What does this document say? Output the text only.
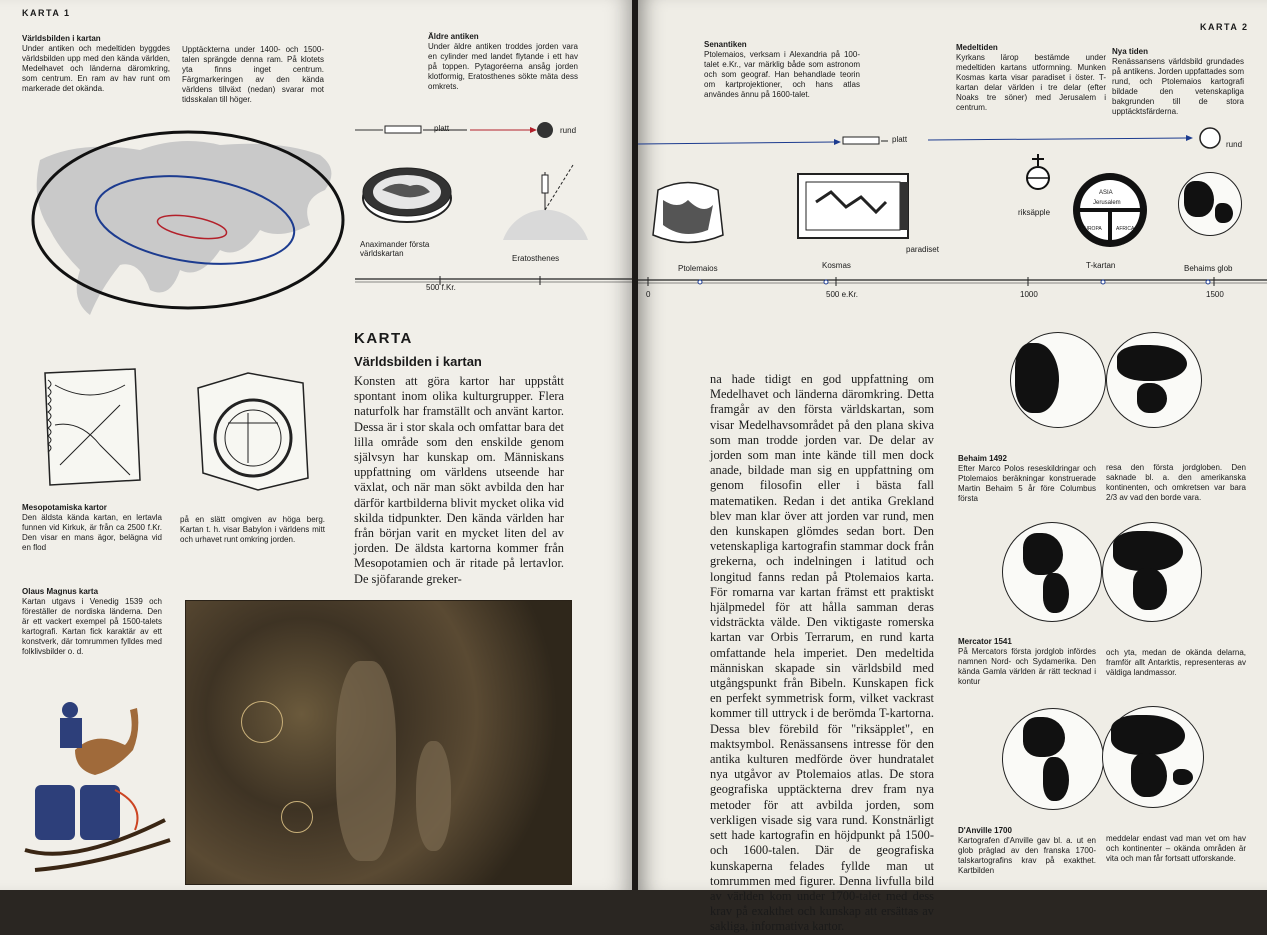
KARTA 1

Världsbilden i kartan

Under antiken och medeltiden byggdes världsbilden upp med den kända världen, Medelhavet och länderna däromkring, som centrum. En ram av hav runt om markerade det okända.

Upptäckterna under 1400- och 1500-talen sprängde denna ram. På klotets yta finns inget centrum. Färgmarkeringen av den kända världens tillväxt (nedan) svarar mot tidsskalan till höger.

Äldre antiken

Under äldre antiken troddes jorden vara en cylinder med landet flytande i ett hav på toppen. Pytagoréerna ansåg jorden klotformig, Eratosthenes sökte mäta dess omkrets.

platt	rund
Anaximander första världskartan
Eratosthenes
500 f.Kr.
KARTA
Världsbilden i kartan

Konsten att göra kartor har uppstått spontant inom olika kulturgrupper. Flera naturfolk har framställt och använt kartor. Dessa är i stor skala och omfattar bara det lilla område som den enskilde genom självsyn har kunskap om. Människans uppfattning om världens utseende har växlat, och när man sökt avbilda den har därför kartbilderna blivit mycket olika vid skilda tidpunkter. Den kända världen har från början varit en mycket liten del av jorden. De äldsta kartorna kommer från Mesopotamien och är ritade på lertavlor. De sjöfarande greker-

Mesopotamiska kartor

Den äldsta kända kartan, en lertavla funnen vid Kirkuk, är från ca 2500 f.Kr. Den visar en mans ägor, belägna vid en flod

på en slätt omgiven av höga berg. Kartan t. h. visar Babylon i världens mitt och urhavet runt omkring jorden.

Olaus Magnus karta

Kartan utgavs i Venedig 1539 och föreställer de nordiska länderna. Den är ett vackert exempel på 1500-talets kartografi. Kartan fick karaktär av ett konstverk, där tomrummen fylldes med folklivsbilder o. d.

KARTA 2

Senantiken

Ptolemaios, verksam i Alexandria på 100-talet e.Kr., var märklig både som astronom och som geograf. Han behandlade teorin om kartprojektioner, och hans atlas användes ännu på 1600-talet.

Medeltiden

Kyrkans lärор bestämde under medeltiden kartans utformning. Munken Kosmas karta visar paradiset i öster. T-kartan delar världen i tre delar (efter Noaks tre söner) med Jerusalem i centrum.

Nya tiden

Renässansens världsbild grundades på antikens. Jorden uppfattades som rund, och Ptolemaios kartografi bildade den vetenskapliga bakgrunden till de stora upptäcktsfärderna.

platt
rund
paradiset
riksäpple
ASIA
Jerusalem
EUROPA	AFRICA
Ptolemaios	Kosmas	T-kartan	Behaims glob
0	500 e.Kr.	1000	1500

na hade tidigt en god uppfattning om Medelhavet och länderna däromkring. Detta framgår av den första världskartan, som visar Medelhavsområdet på den plana skiva som man trodde jorden var. De delar av jorden som man inte kände till men dock anade, bildade man sig en uppfattning om genom filosofin eller i bästa fall matematiken. Redan i det antika Grekland blev man klar över att jorden var rund, men den kunskapen glömdes sedan bort. Den vetenskapliga kartografin stammar dock från grekerna, och indelningen i latitud och longitud fanns redan på Ptolemaios karta. För romarna var kartan främst ett praktiskt hjälpmedel för att hålla samman deras vidsträckta välde. Den viktigaste romerska kartan var Orbis Terrarum, en rund karta omfattande hela imperiet. Den medeltida människan skapade sin världsbild med utgångspunkt från Bibeln. Kunskapen fick en perfekt symmetrisk form, vilket vackrast kommer till uttryck i de berömda T-kartorna. Dessa blev förebild för "riksäpplet", en maktsymbol. Renässansens intresse för den antika kulturen medförde över hundratalet nya utgåvor av Ptolemaios atlas. De stora geografiska upptäckterna drev fram nya metoder för att avbilda jorden, som verkligen visade sig vara rund. Konstnärligt sett hade kartografin en höjdpunkt på 1500- och 1600-talen. Där de geografiska kunskaperna felades fyllde man ut tomrummen med figurer. Denna livfulla bild av världen kom under 1700-talet med dess krav på exakthet och kunskap att ersättas av sakliga, informativa kartor.

Behaim 1492

Efter Marco Polos reseskildringar och Ptolemaios beräkningar konstruerade Martin Behaim 5 år före Columbus första

resa den första jordgloben. Den saknade bl. a. den amerikanska kontinenten, och omkretsen var bara 2/3 av vad den borde vara.

Mercator 1541

På Mercators första jordglob infördes namnen Nord- och Sydamerika. Den kända Gamla världen är rätt tecknad i kontur

och yta, medan de okända delarna, framför allt Antarktis, representeras av väldiga landmassor.

D'Anville 1700

Kartografen d'Anville gav bl. a. ut en glob präglad av den franska 1700-talskartografins krav på exakthet. Kartbilden

meddelar endast vad man vet om hav och kontinenter – okända områden är vita och man får fortsatt utforskande.
